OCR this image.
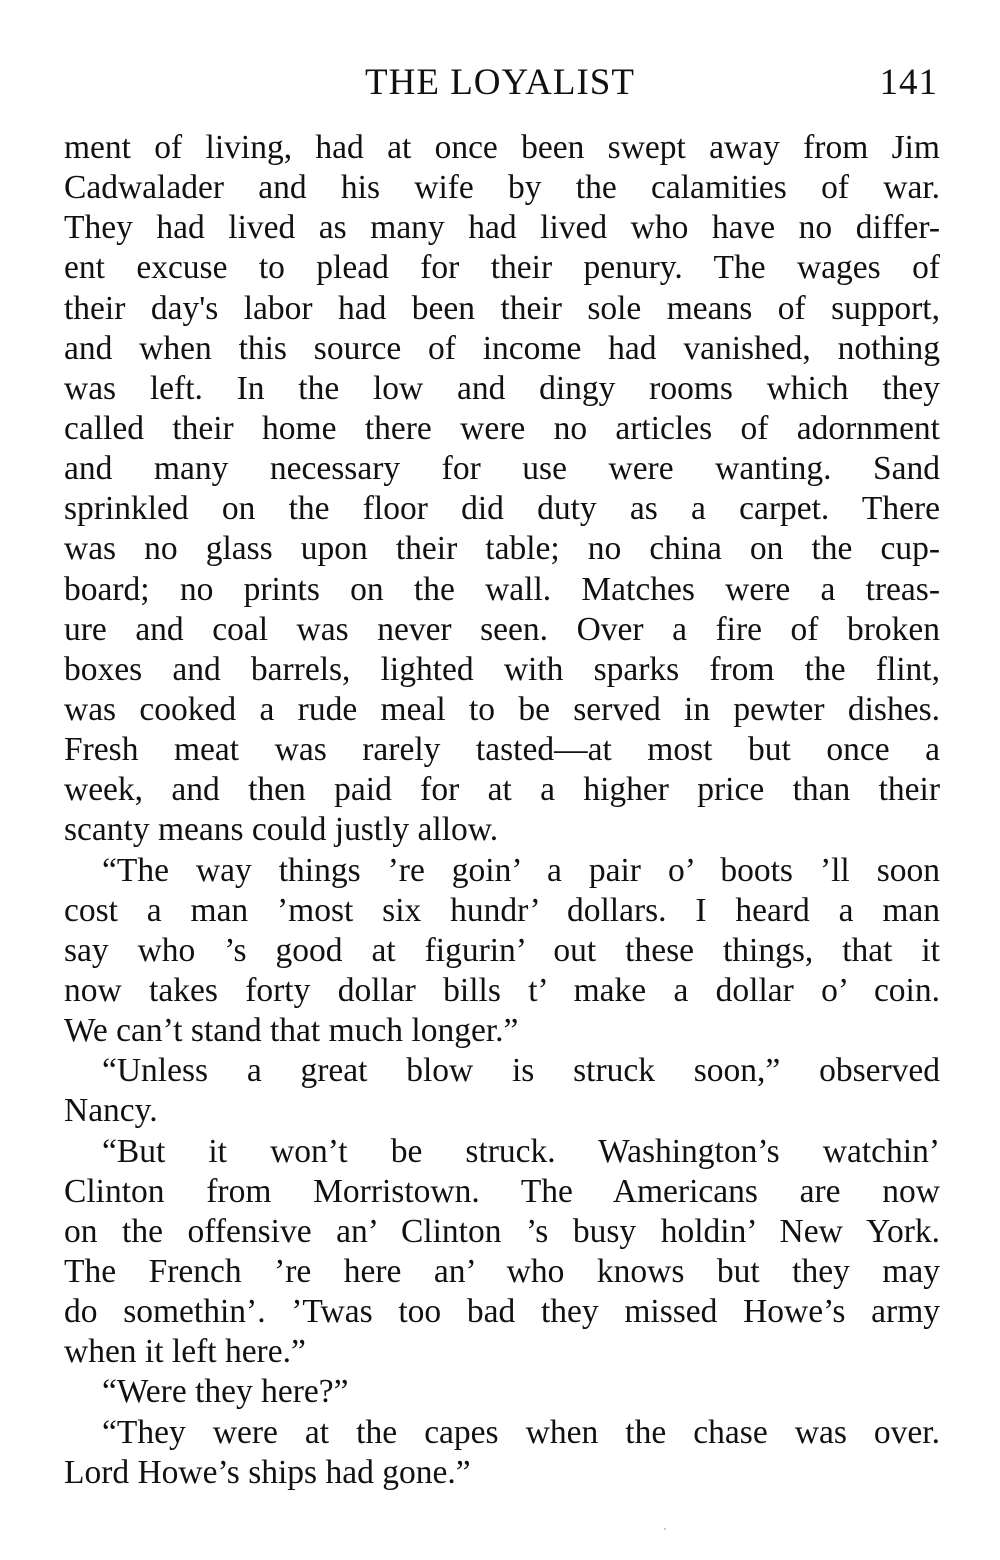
THE LOYALIST	141
ment of living, had at once been swept away from Jim
Cadwalader and his wife by the calamities of war.
They had lived as many had lived who have no differ-
ent excuse to plead for their penury. The wages of
their day's labor had been their sole means of support,
and when this source of income had vanished, nothing
was left. In the low and dingy rooms which they
called their home there were no articles of adornment
and many necessary for use were wanting. Sand
sprinkled on the floor did duty as a carpet. There
was no glass upon their table; no china on the cup-
board; no prints on the wall. Matches were a treas-
ure and coal was never seen. Over a fire of broken
boxes and barrels, lighted with sparks from the flint,
was cooked a rude meal to be served in pewter dishes.
Fresh meat was rarely tasted—at most but once a
week, and then paid for at a higher price than their
scanty means could justly allow.
“The way things ’re goin’ a pair o’ boots ’ll soon
cost a man ’most six hundr’ dollars. I heard a man
say who ’s good at figurin’ out these things, that it
now takes forty dollar bills t’ make a dollar o’ coin.
We can’t stand that much longer.”
“Unless a great blow is struck soon,” observed
Nancy.
“But it won’t be struck. Washington’s watchin’
Clinton from Morristown. The Americans are now
on the offensive an’ Clinton ’s busy holdin’ New York.
The French ’re here an’ who knows but they may
do somethin’. ’Twas too bad they missed Howe’s army
when it left here.”
“Were they here?”
“They were at the capes when the chase was over.
Lord Howe’s ships had gone.”
